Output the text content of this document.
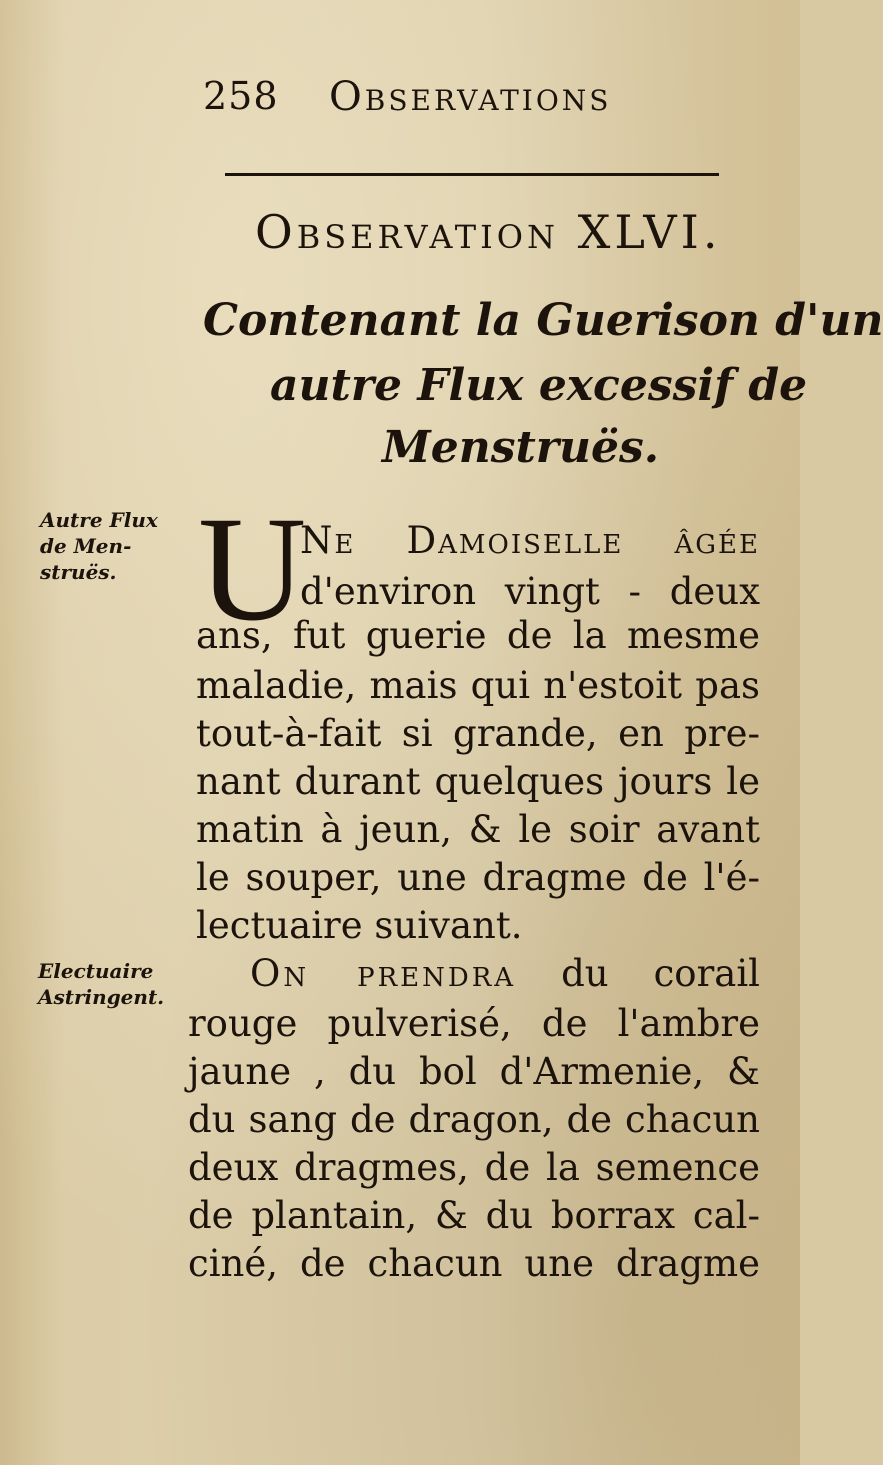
258 Observations
Observation XLVI.
Contenant la Guerison d'un
autre Flux excessif de
Menstruës.
Autre Flux
de Men-
struës.
Electuaire
Astringent.
U
Ne Damoiselle âgée
d'environ vingt - deux
ans, fut guerie de la mesme
maladie, mais qui n'estoit pas
tout-à-fait si grande, en pre-
nant durant quelques jours le
matin à jeun, & le soir avant
le souper, une dragme de l'é-
lectuaire suivant.
On prendra du corail
rouge pulverisé, de l'ambre
jaune , du bol d'Armenie, &
du sang de dragon, de chacun
deux dragmes, de la semence
de plantain, & du borrax cal-
ciné, de chacun une dragme
